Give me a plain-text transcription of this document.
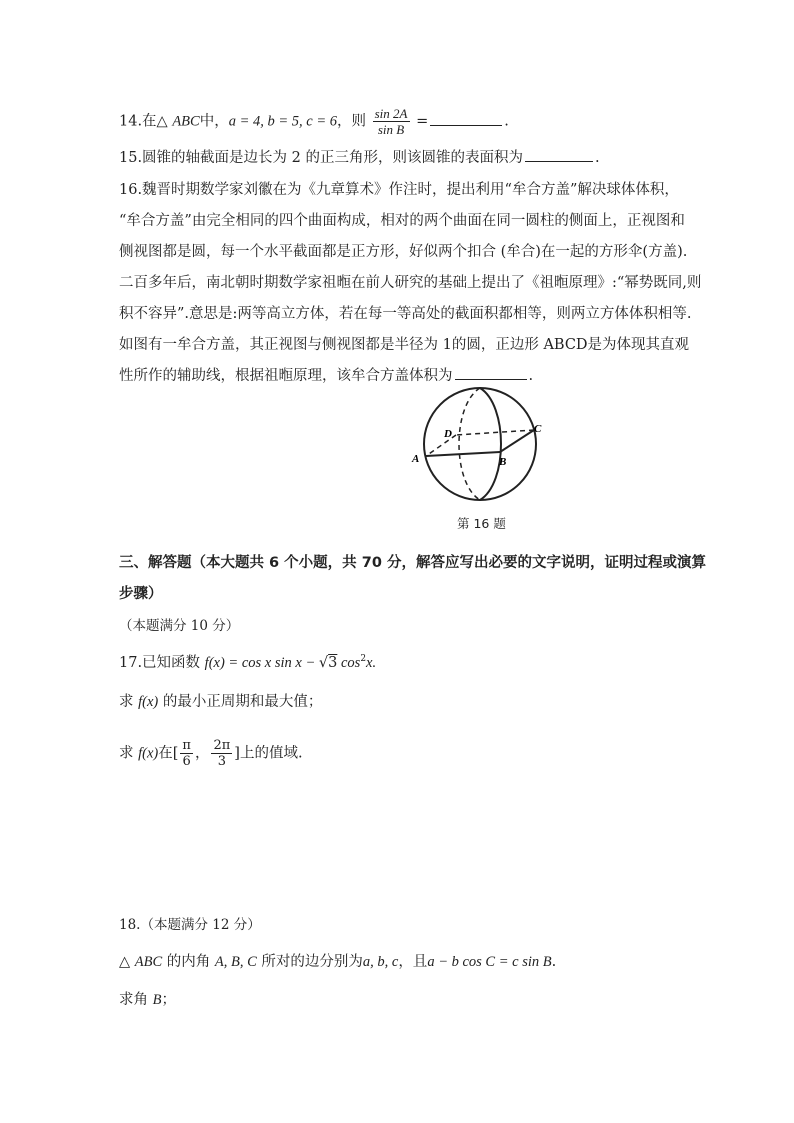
14.在△ ABC中，a = 4, b = 5, c = 6，则 $\frac{\sin 2A}{\text{sin B}}$ =	.
15.圆锥的轴截面是边长为 2 的正三角形，则该圆锥的表面积为	.
16.魏晋时期数学家刘徽在为《九章算术》作注时，提出利用“牟合方盖”解决球体体积，
“牟合方盖”由完全相同的四个曲面构成，相对的两个曲面在同一圆柱的侧面上，正视图和
侧视图都是圆，每一个水平截面都是正方形，好似两个扣合 (牟合)在一起的方形伞(方盖).
二百多年后，南北朝时期数学家祖暅在前人研究的基础上提出了《祖暅原理》:“幂势既同,则
积不容异”.意思是:两等高立方体，若在每一等高处的截面积都相等，则两立方体体积相等.
如图有一牟合方盖，其正视图与侧视图都是半径为 1的圆，正边形 ABCD是为体现其直观
性所作的辅助线，根据祖暅原理，该牟合方盖体积为	.
A	B
C
D
第 16 题
三、解答题（本大题共 6 个小题，共 70 分，解答应写出必要的文字说明，证明过程或演算
步骤）
（本题满分 10 分）
17.已知函数 f(x) = cos x sin x − √3 $\cos^2x$.
求 f(x) 的最小正周期和最大值；
求 f(x)在[ $\frac{\pi}{6}$ ， $\frac{2\pi}{3}$ ]上的值域.
18.（本题满分 12 分）
△ ABC 的内角 A, B, C 所对的边分别为a, b, c，且a − b cos C = c sin B.
求角 B；
